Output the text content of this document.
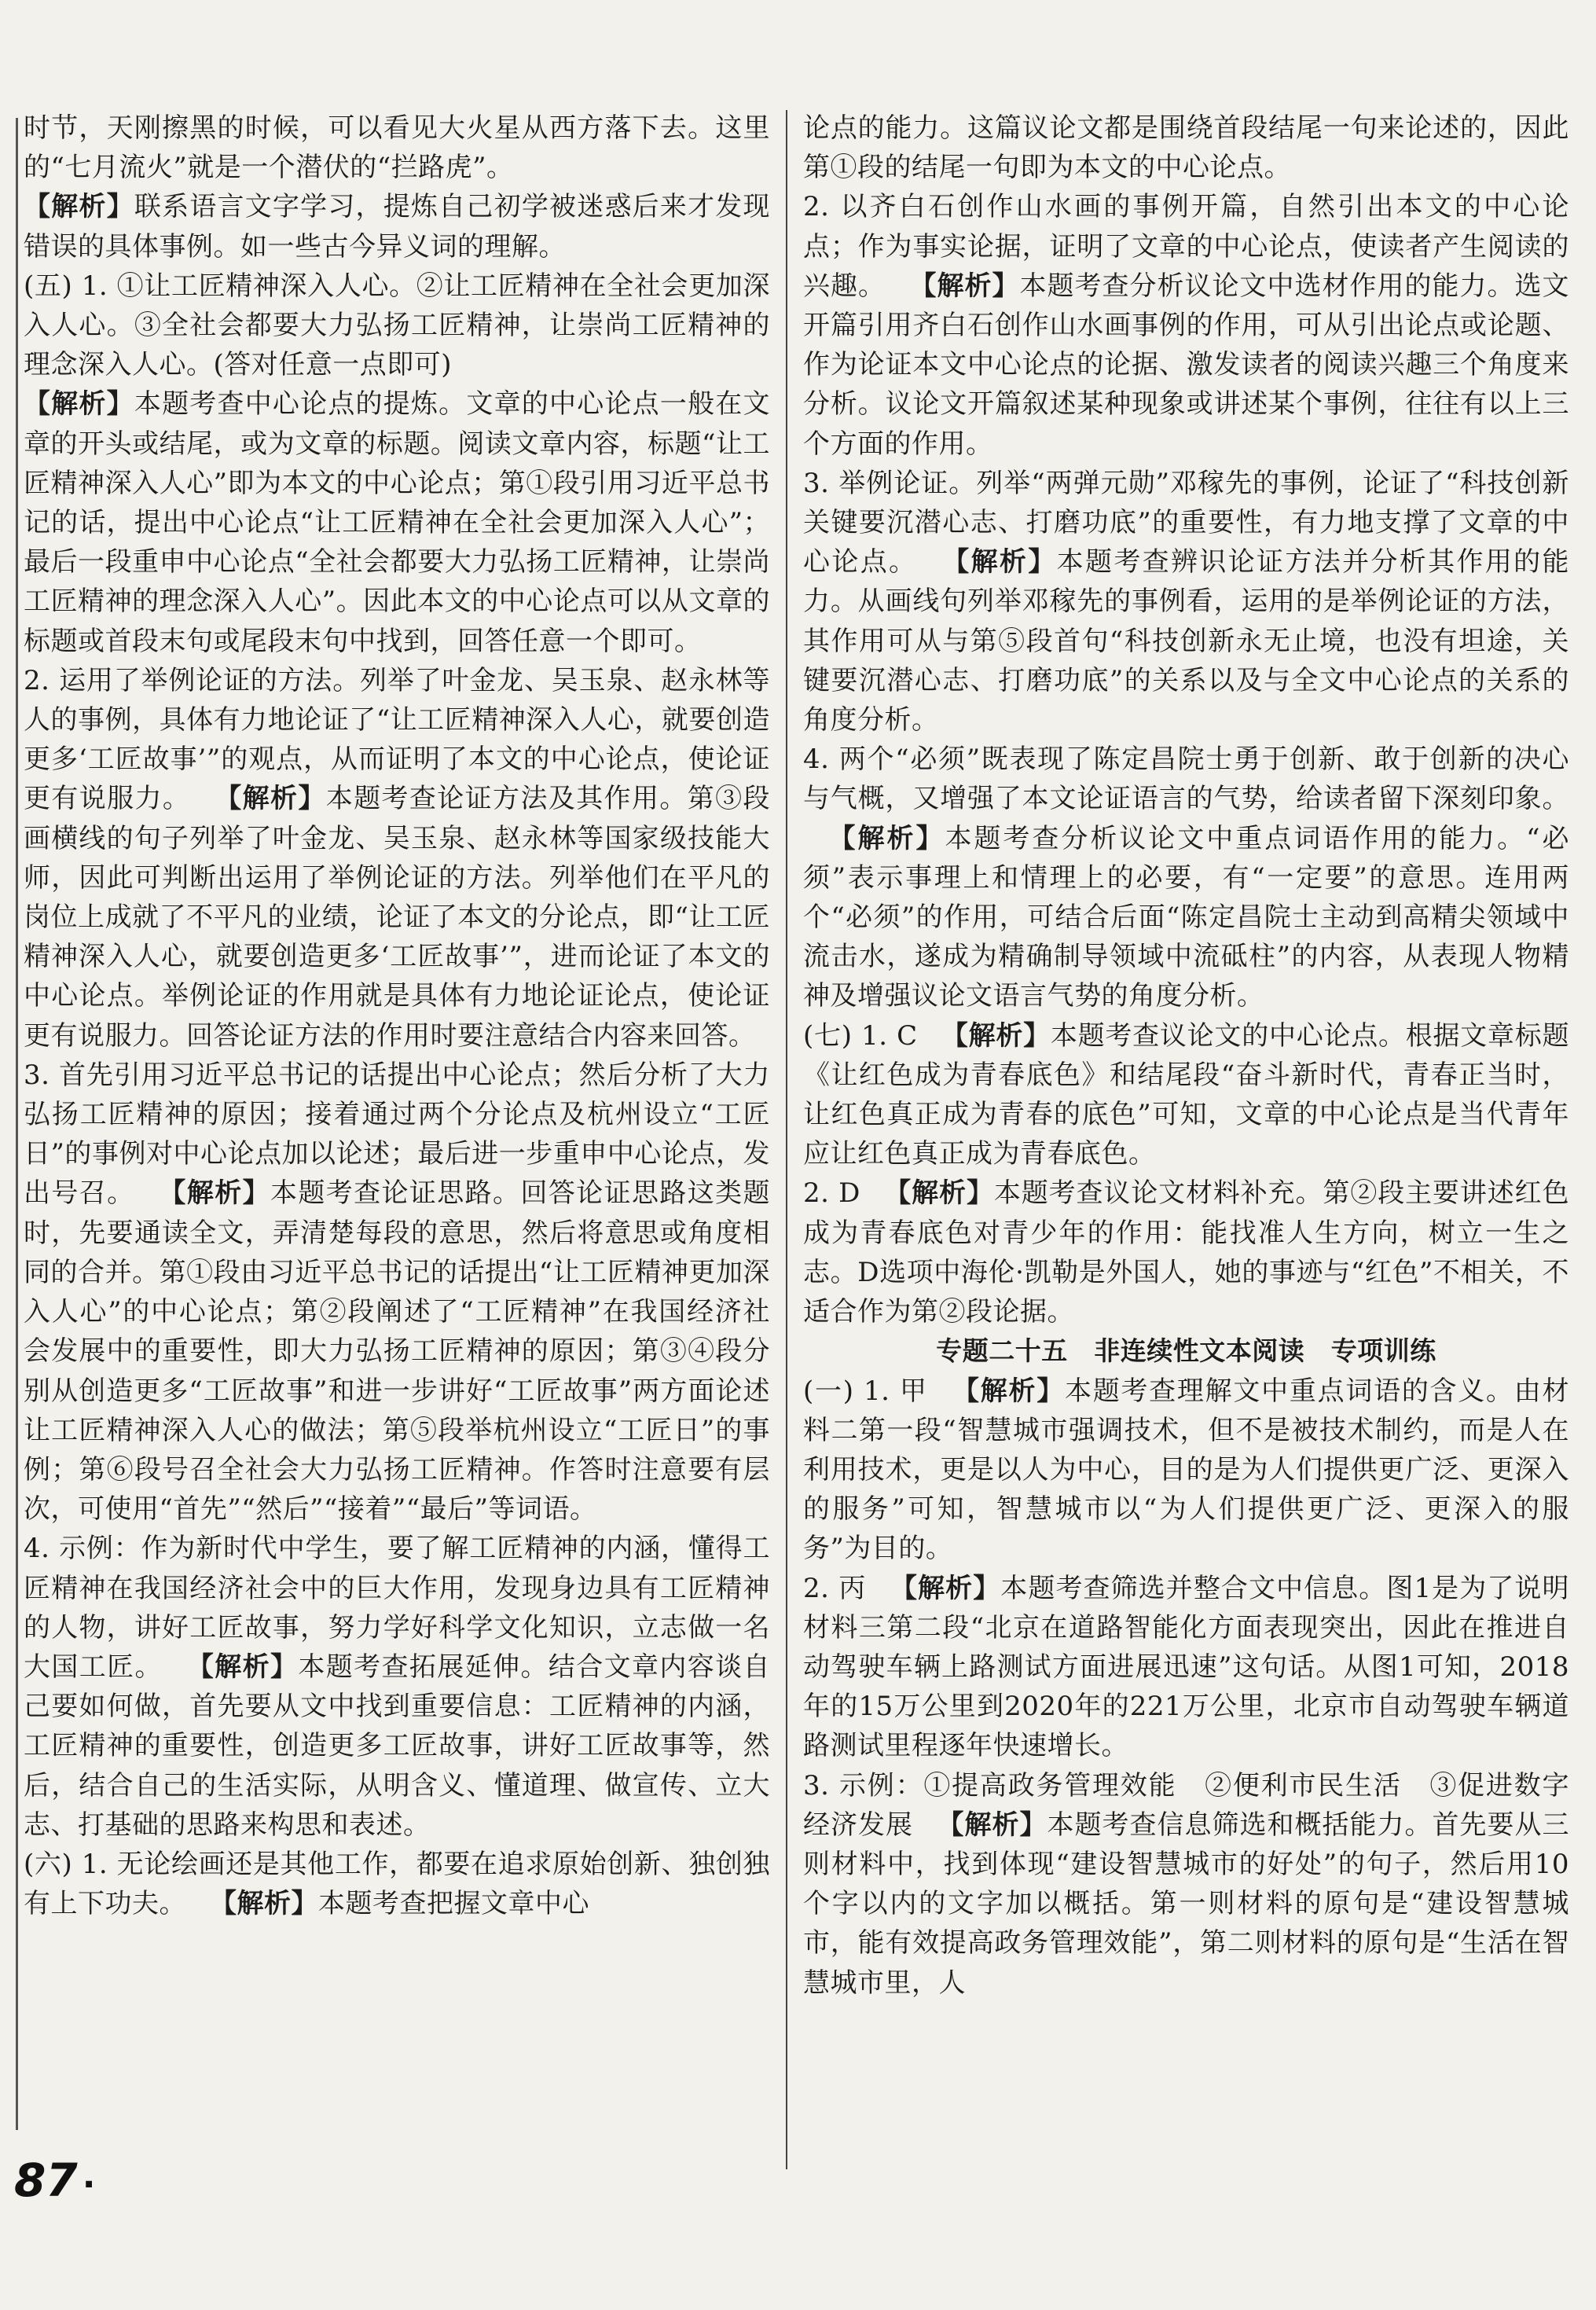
时节，天刚擦黑的时候，可以看见大火星从西方落下去。这里的“七月流火”就是一个潜伏的“拦路虎”。

【解析】联系语言文字学习，提炼自己初学被迷惑后来才发现错误的具体事例。如一些古今异义词的理解。

(五) 1. ①让工匠精神深入人心。②让工匠精神在全社会更加深入人心。③全社会都要大力弘扬工匠精神，让崇尚工匠精神的理念深入人心。(答对任意一点即可)

【解析】本题考查中心论点的提炼。文章的中心论点一般在文章的开头或结尾，或为文章的标题。阅读文章内容，标题“让工匠精神深入人心”即为本文的中心论点；第①段引用习近平总书记的话，提出中心论点“让工匠精神在全社会更加深入人心”；最后一段重申中心论点“全社会都要大力弘扬工匠精神，让崇尚工匠精神的理念深入人心”。因此本文的中心论点可以从文章的标题或首段末句或尾段末句中找到，回答任意一个即可。

2. 运用了举例论证的方法。列举了叶金龙、吴玉泉、赵永林等人的事例，具体有力地论证了“让工匠精神深入人心，就要创造更多‘工匠故事’”的观点，从而证明了本文的中心论点，使论证更有说服力。 【解析】本题考查论证方法及其作用。第③段画横线的句子列举了叶金龙、吴玉泉、赵永林等国家级技能大师，因此可判断出运用了举例论证的方法。列举他们在平凡的岗位上成就了不平凡的业绩，论证了本文的分论点，即“让工匠精神深入人心，就要创造更多‘工匠故事’”，进而论证了本文的中心论点。举例论证的作用就是具体有力地论证论点，使论证更有说服力。回答论证方法的作用时要注意结合内容来回答。

3. 首先引用习近平总书记的话提出中心论点；然后分析了大力弘扬工匠精神的原因；接着通过两个分论点及杭州设立“工匠日”的事例对中心论点加以论述；最后进一步重申中心论点，发出号召。 【解析】本题考查论证思路。回答论证思路这类题时，先要通读全文，弄清楚每段的意思，然后将意思或角度相同的合并。第①段由习近平总书记的话提出“让工匠精神更加深入人心”的中心论点；第②段阐述了“工匠精神”在我国经济社会发展中的重要性，即大力弘扬工匠精神的原因；第③④段分别从创造更多“工匠故事”和进一步讲好“工匠故事”两方面论述让工匠精神深入人心的做法；第⑤段举杭州设立“工匠日”的事例；第⑥段号召全社会大力弘扬工匠精神。作答时注意要有层次，可使用“首先”“然后”“接着”“最后”等词语。

4. 示例：作为新时代中学生，要了解工匠精神的内涵，懂得工匠精神在我国经济社会中的巨大作用，发现身边具有工匠精神的人物，讲好工匠故事，努力学好科学文化知识，立志做一名大国工匠。 【解析】本题考查拓展延伸。结合文章内容谈自己要如何做，首先要从文中找到重要信息：工匠精神的内涵，工匠精神的重要性，创造更多工匠故事，讲好工匠故事等，然后，结合自己的生活实际，从明含义、懂道理、做宣传、立大志、打基础的思路来构思和表述。

(六) 1. 无论绘画还是其他工作，都要在追求原始创新、独创独有上下功夫。 【解析】本题考查把握文章中心

论点的能力。这篇议论文都是围绕首段结尾一句来论述的，因此第①段的结尾一句即为本文的中心论点。

2. 以齐白石创作山水画的事例开篇，自然引出本文的中心论点；作为事实论据，证明了文章的中心论点，使读者产生阅读的兴趣。 【解析】本题考查分析议论文中选材作用的能力。选文开篇引用齐白石创作山水画事例的作用，可从引出论点或论题、作为论证本文中心论点的论据、激发读者的阅读兴趣三个角度来分析。议论文开篇叙述某种现象或讲述某个事例，往往有以上三个方面的作用。

3. 举例论证。列举“两弹元勋”邓稼先的事例，论证了“科技创新关键要沉潜心志、打磨功底”的重要性，有力地支撑了文章的中心论点。 【解析】本题考查辨识论证方法并分析其作用的能力。从画线句列举邓稼先的事例看，运用的是举例论证的方法，其作用可从与第⑤段首句“科技创新永无止境，也没有坦途，关键要沉潜心志、打磨功底”的关系以及与全文中心论点的关系的角度分析。

4. 两个“必须”既表现了陈定昌院士勇于创新、敢于创新的决心与气概，又增强了本文论证语言的气势，给读者留下深刻印象。【解析】本题考查分析议论文中重点词语作用的能力。“必须”表示事理上和情理上的必要，有“一定要”的意思。连用两个“必须”的作用，可结合后面“陈定昌院士主动到高精尖领域中流击水，遂成为精确制导领域中流砥柱”的内容，从表现人物精神及增强议论文语言气势的角度分析。

(七) 1. C 【解析】本题考查议论文的中心论点。根据文章标题《让红色成为青春底色》和结尾段“奋斗新时代，青春正当时，让红色真正成为青春的底色”可知，文章的中心论点是当代青年应让红色真正成为青春底色。

2. D 【解析】本题考查议论文材料补充。第②段主要讲述红色成为青春底色对青少年的作用：能找准人生方向，树立一生之志。D选项中海伦·凯勒是外国人，她的事迹与“红色”不相关，不适合作为第②段论据。

专题二十五　非连续性文本阅读　专项训练

(一) 1. 甲 【解析】本题考查理解文中重点词语的含义。由材料二第一段“智慧城市强调技术，但不是被技术制约，而是人在利用技术，更是以人为中心，目的是为人们提供更广泛、更深入的服务”可知，智慧城市以“为人们提供更广泛、更深入的服务”为目的。

2. 丙 【解析】本题考查筛选并整合文中信息。图1是为了说明材料三第二段“北京在道路智能化方面表现突出，因此在推进自动驾驶车辆上路测试方面进展迅速”这句话。从图1可知，2018年的15万公里到2020年的221万公里，北京市自动驾驶车辆道路测试里程逐年快速增长。

3. 示例：①提高政务管理效能　②便利市民生活　③促进数字经济发展 【解析】本题考查信息筛选和概括能力。首先要从三则材料中，找到体现“建设智慧城市的好处”的句子，然后用10个字以内的文字加以概括。第一则材料的原句是“建设智慧城市，能有效提高政务管理效能”，第二则材料的原句是“生活在智慧城市里，人

87 ·
